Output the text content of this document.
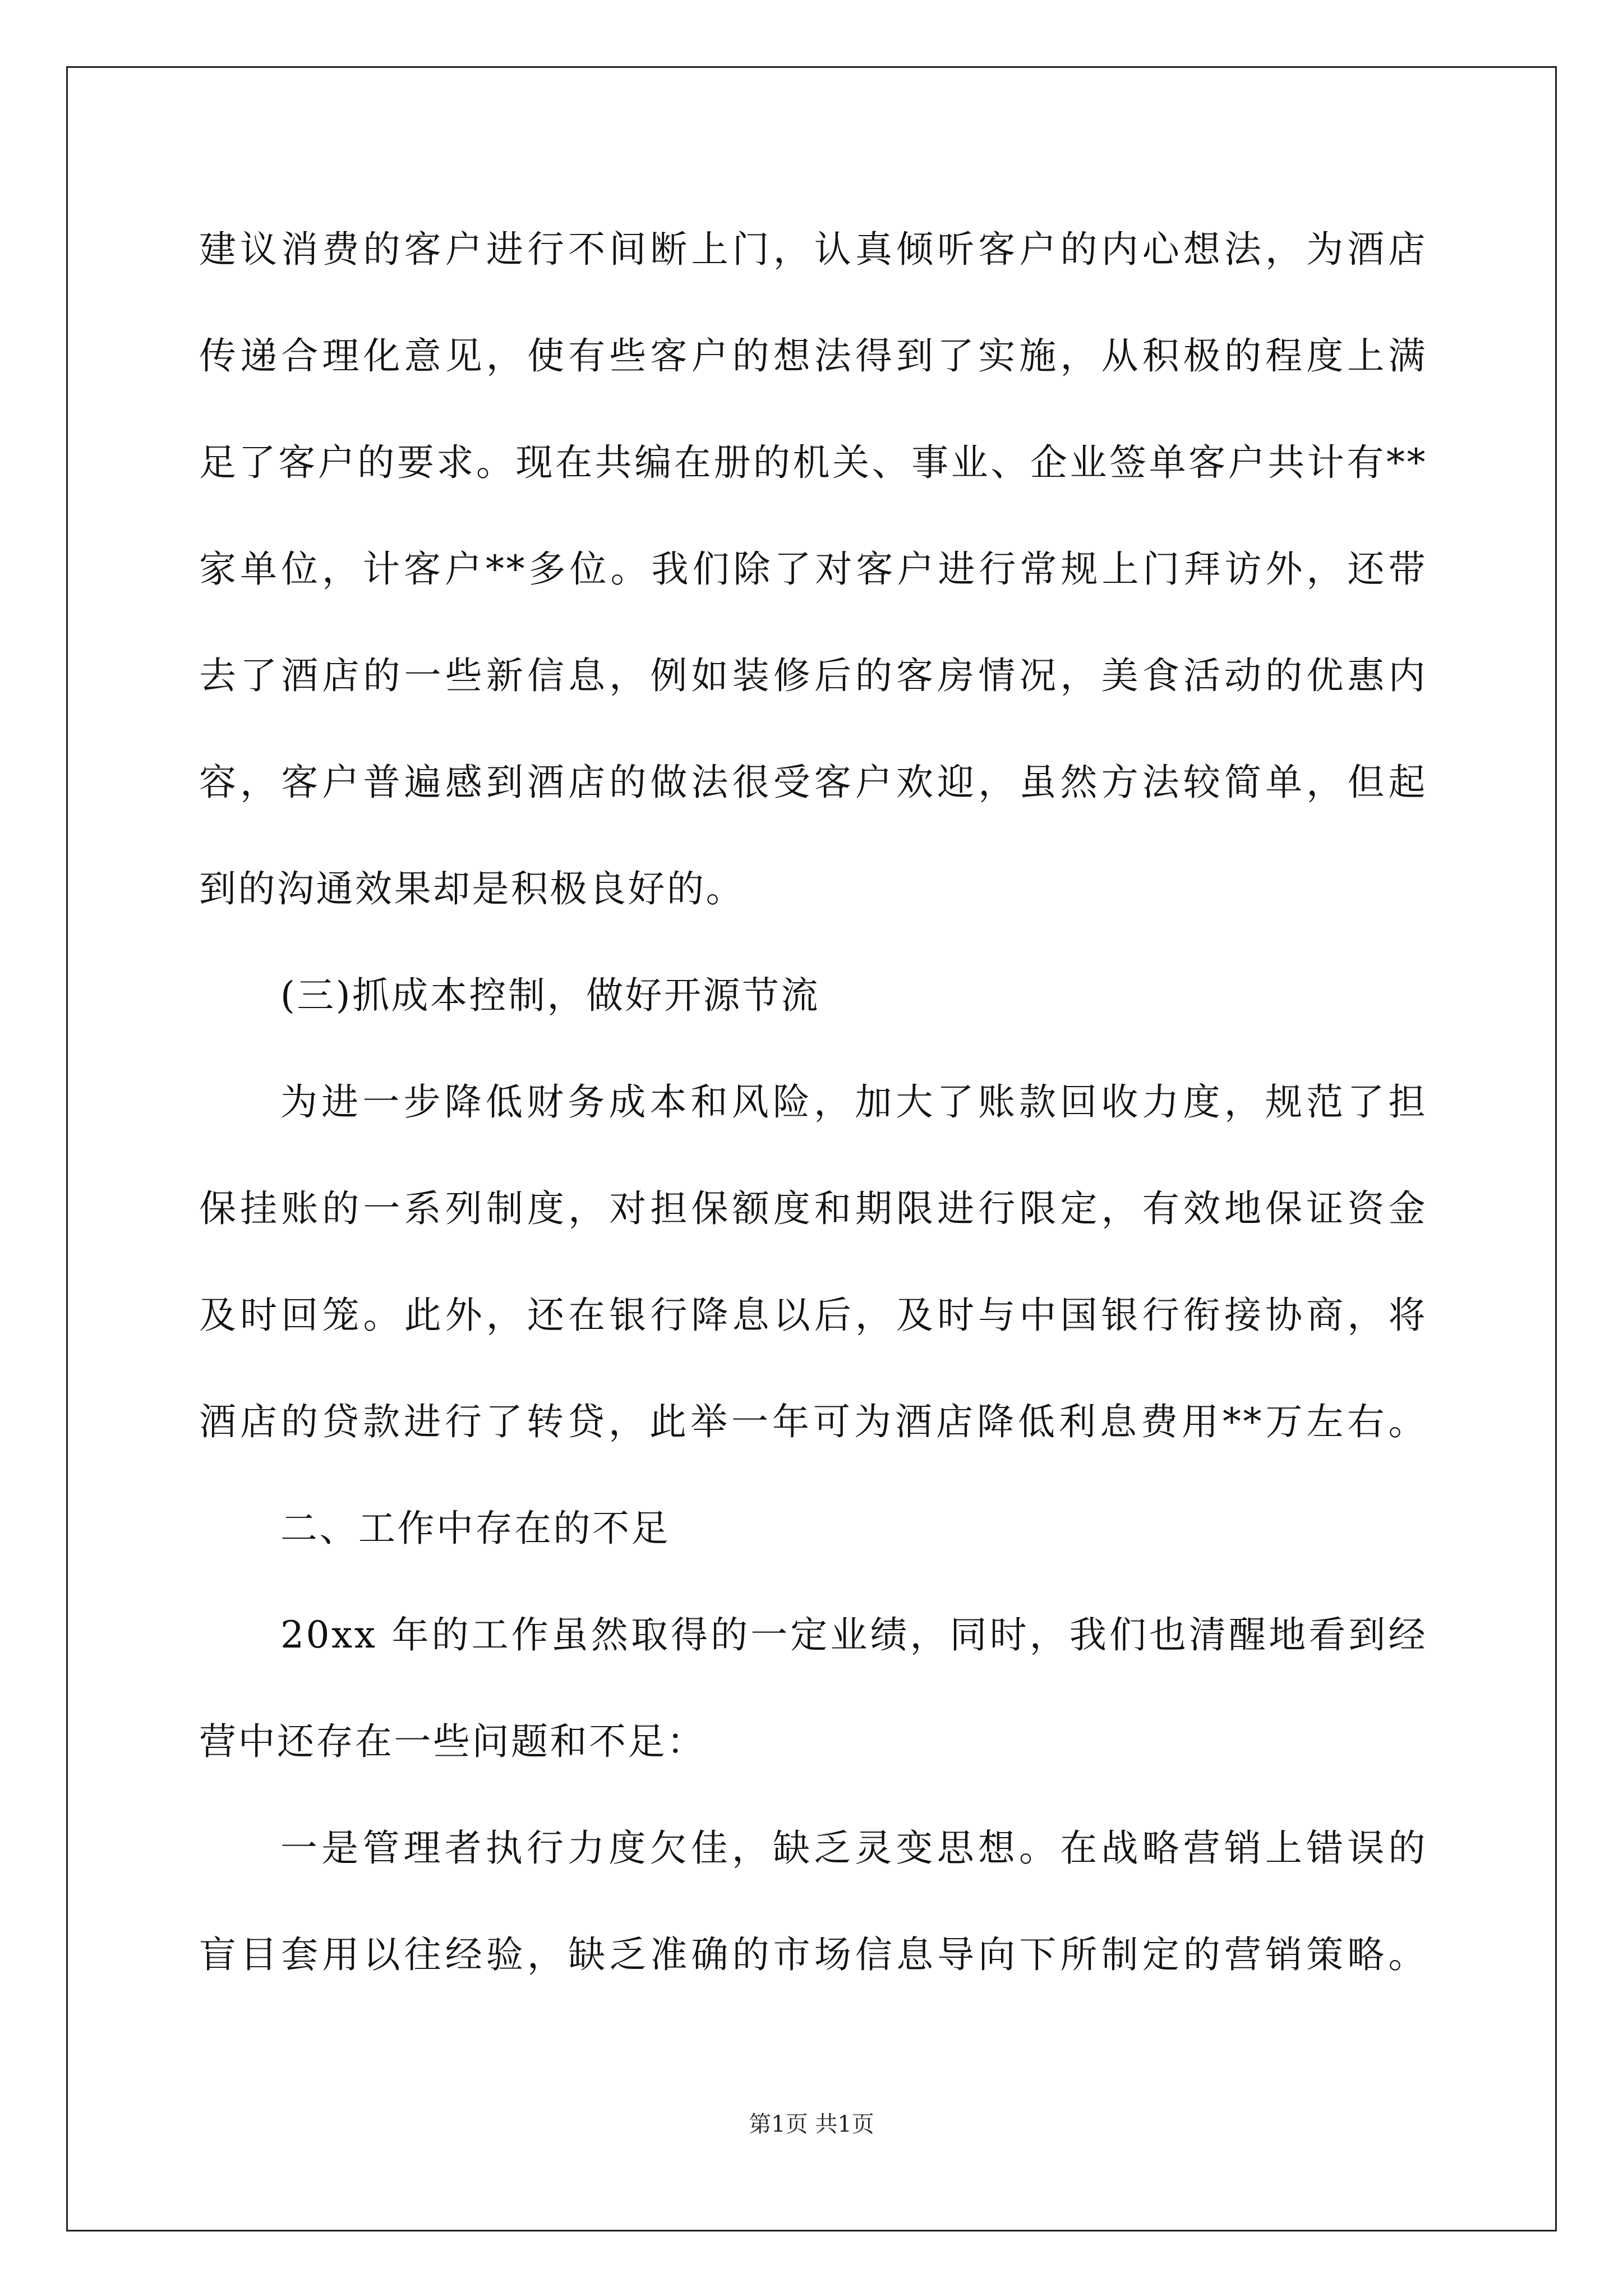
建议消费的客户进行不间断上门，认真倾听客户的内心想法，为酒店
传递合理化意见，使有些客户的想法得到了实施，从积极的程度上满
足了客户的要求。现在共编在册的机关、事业、企业签单客户共计有**
家单位，计客户**多位。我们除了对客户进行常规上门拜访外，还带
去了酒店的一些新信息，例如装修后的客房情况，美食活动的优惠内
容，客户普遍感到酒店的做法很受客户欢迎，虽然方法较简单，但起
到的沟通效果却是积极良好的。
(三)抓成本控制，做好开源节流
为进一步降低财务成本和风险，加大了账款回收力度，规范了担
保挂账的一系列制度，对担保额度和期限进行限定，有效地保证资金
及时回笼。此外，还在银行降息以后，及时与中国银行衔接协商，将
酒店的贷款进行了转贷，此举一年可为酒店降低利息费用**万左右。
二、工作中存在的不足
20xx 年的工作虽然取得的一定业绩，同时，我们也清醒地看到经
营中还存在一些问题和不足：
一是管理者执行力度欠佳，缺乏灵变思想。在战略营销上错误的
盲目套用以往经验，缺乏准确的市场信息导向下所制定的营销策略。
第1页 共1页
